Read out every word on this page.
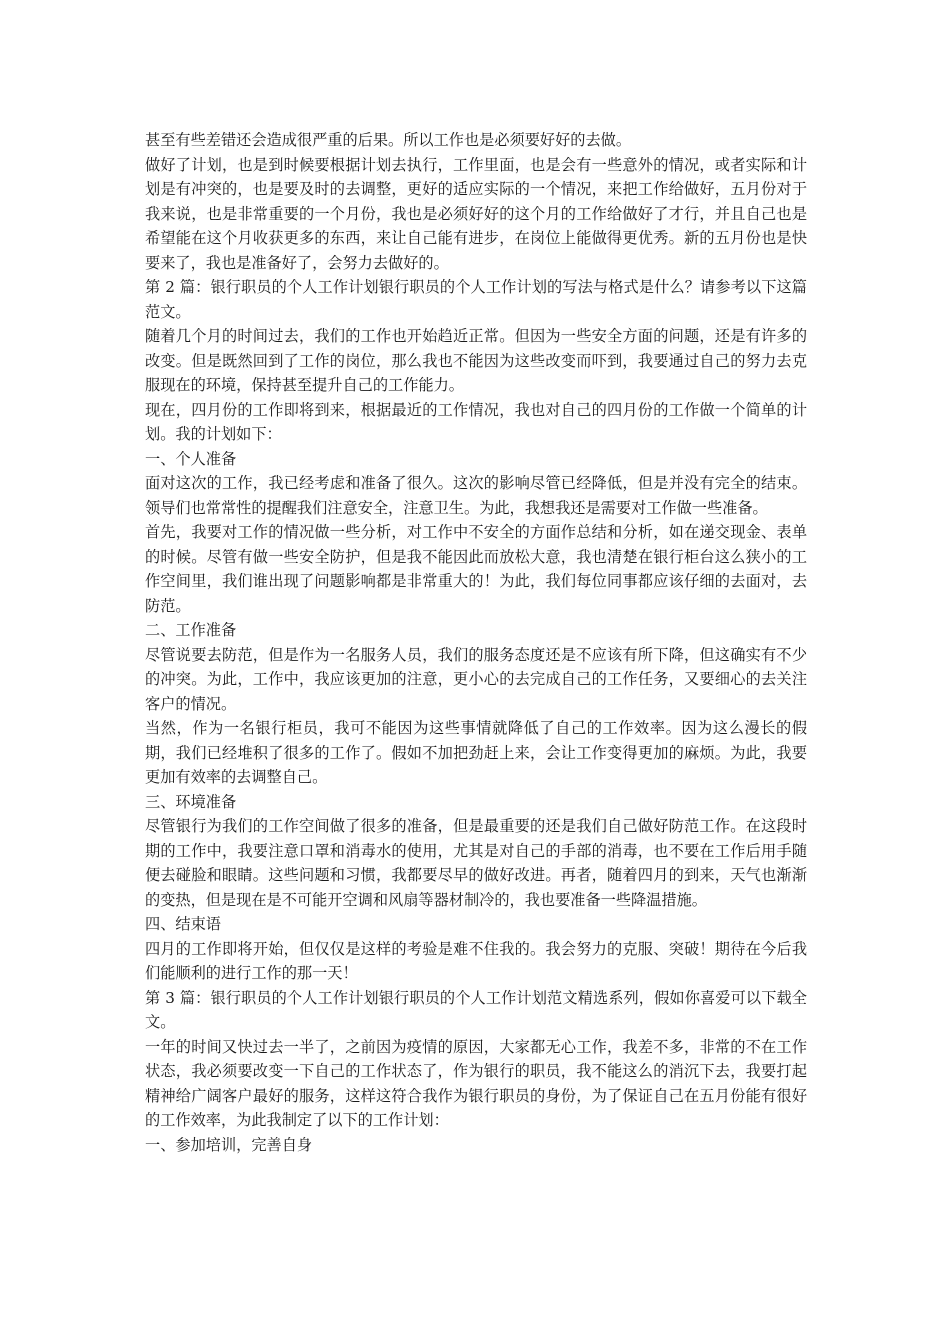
甚至有些差错还会造成很严重的后果。所以工作也是必须要好好的去做。

做好了计划，也是到时候要根据计划去执行，工作里面，也是会有一些意外的情况，或者实际和计划是有冲突的，也是要及时的去调整，更好的适应实际的一个情况，来把工作给做好，五月份对于我来说，也是非常重要的一个月份，我也是必须好好的这个月的工作给做好了才行，并且自己也是希望能在这个月收获更多的东西，来让自己能有进步，在岗位上能做得更优秀。新的五月份也是快要来了，我也是准备好了，会努力去做好的。

第 2 篇：银行职员的个人工作计划银行职员的个人工作计划的写法与格式是什么？请参考以下这篇范文。

随着几个月的时间过去，我们的工作也开始趋近正常。但因为一些安全方面的问题，还是有许多的改变。但是既然回到了工作的岗位，那么我也不能因为这些改变而吓到，我要通过自己的努力去克服现在的环境，保持甚至提升自己的工作能力。

现在，四月份的工作即将到来，根据最近的工作情况，我也对自己的四月份的工作做一个简单的计划。我的计划如下：

一、个人准备

面对这次的工作，我已经考虑和准备了很久。这次的影响尽管已经降低，但是并没有完全的结束。领导们也常常性的提醒我们注意安全，注意卫生。为此，我想我还是需要对工作做一些准备。

首先，我要对工作的情况做一些分析，对工作中不安全的方面作总结和分析，如在递交现金、表单的时候。尽管有做一些安全防护，但是我不能因此而放松大意，我也清楚在银行柜台这么狭小的工作空间里，我们谁出现了问题影响都是非常重大的！为此，我们每位同事都应该仔细的去面对，去防范。

二、工作准备

尽管说要去防范，但是作为一名服务人员，我们的服务态度还是不应该有所下降，但这确实有不少的冲突。为此，工作中，我应该更加的注意，更小心的去完成自己的工作任务，又要细心的去关注客户的情况。

当然，作为一名银行柜员，我可不能因为这些事情就降低了自己的工作效率。因为这么漫长的假期，我们已经堆积了很多的工作了。假如不加把劲赶上来，会让工作变得更加的麻烦。为此，我要更加有效率的去调整自己。

三、环境准备

尽管银行为我们的工作空间做了很多的准备，但是最重要的还是我们自己做好防范工作。在这段时期的工作中，我要注意口罩和消毒水的使用，尤其是对自己的手部的消毒，也不要在工作后用手随便去碰脸和眼睛。这些问题和习惯，我都要尽早的做好改进。再者，随着四月的到来，天气也渐渐的变热，但是现在是不可能开空调和风扇等器材制冷的，我也要准备一些降温措施。

四、结束语

四月的工作即将开始，但仅仅是这样的考验是难不住我的。我会努力的克服、突破！期待在今后我们能顺利的进行工作的那一天！

第 3 篇：银行职员的个人工作计划银行职员的个人工作计划范文精选系列，假如你喜爱可以下载全文。

一年的时间又快过去一半了，之前因为疫情的原因，大家都无心工作，我差不多，非常的不在工作状态，我必须要改变一下自己的工作状态了，作为银行的职员，我不能这么的消沉下去，我要打起精神给广阔客户最好的服务，这样这符合我作为银行职员的身份，为了保证自己在五月份能有很好的工作效率，为此我制定了以下的工作计划：

一、参加培训，完善自身
